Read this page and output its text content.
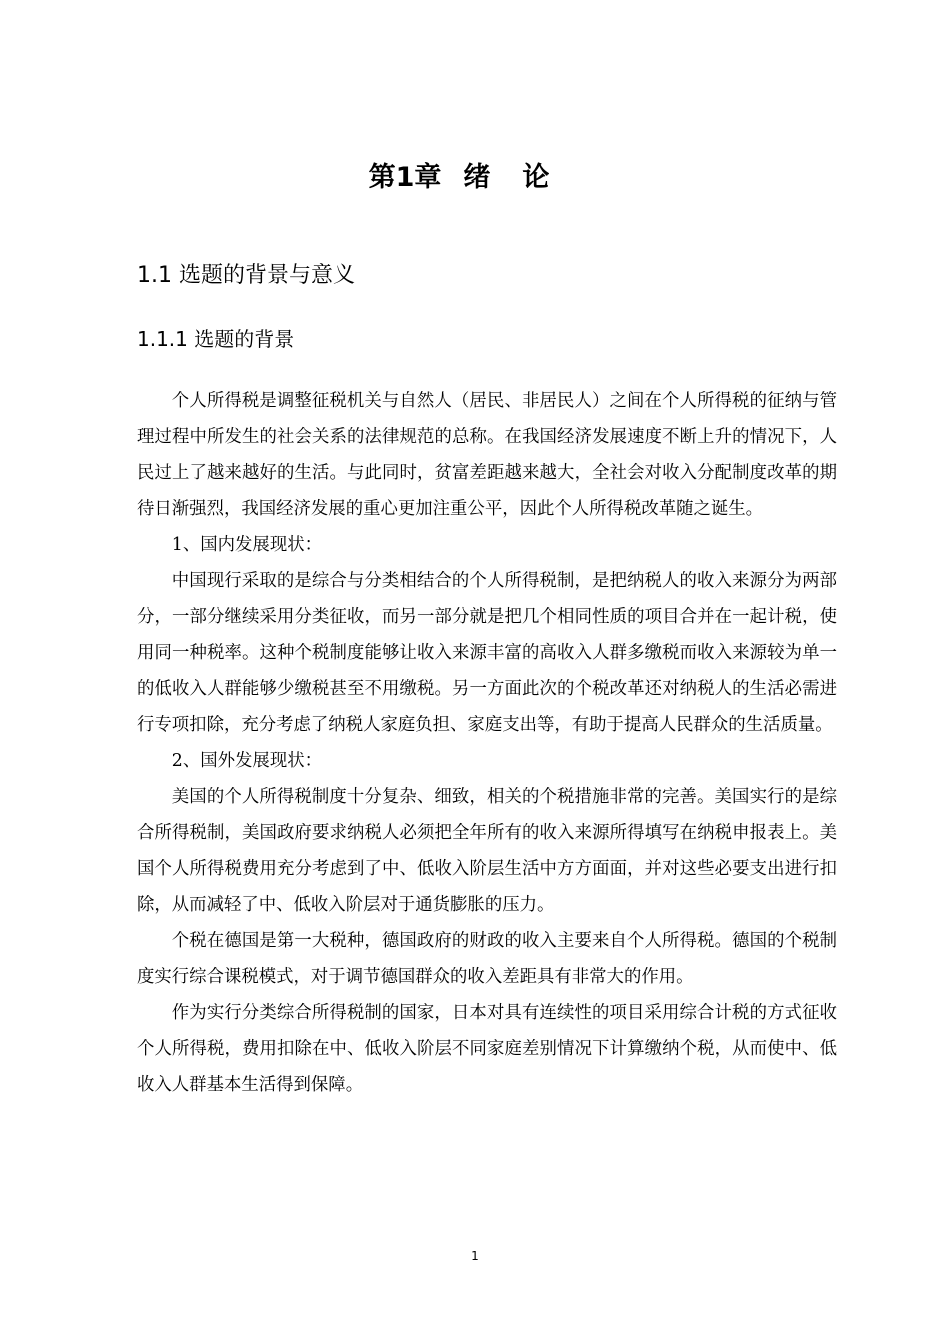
第1章 绪论
1.1 选题的背景与意义
1.1.1 选题的背景

个人所得税是调整征税机关与自然人（居民、非居民人）之间在个人所得税的征纳与管理过程中所发生的社会关系的法律规范的总称。在我国经济发展速度不断上升的情况下，人民过上了越来越好的生活。与此同时，贫富差距越来越大，全社会对收入分配制度改革的期待日渐强烈，我国经济发展的重心更加注重公平，因此个人所得税改革随之诞生。

1、国内发展现状：

中国现行采取的是综合与分类相结合的个人所得税制，是把纳税人的收入来源分为两部分，一部分继续采用分类征收，而另一部分就是把几个相同性质的项目合并在一起计税，使用同一种税率。这种个税制度能够让收入来源丰富的高收入人群多缴税而收入来源较为单一的低收入人群能够少缴税甚至不用缴税。另一方面此次的个税改革还对纳税人的生活必需进行专项扣除，充分考虑了纳税人家庭负担、家庭支出等，有助于提高人民群众的生活质量。

2、国外发展现状：

美国的个人所得税制度十分复杂、细致，相关的个税措施非常的完善。美国实行的是综合所得税制，美国政府要求纳税人必须把全年所有的收入来源所得填写在纳税申报表上。美国个人所得税费用充分考虑到了中、低收入阶层生活中方方面面，并对这些必要支出进行扣除，从而减轻了中、低收入阶层对于通货膨胀的压力。

个税在德国是第一大税种，德国政府的财政的收入主要来自个人所得税。德国的个税制度实行综合课税模式，对于调节德国群众的收入差距具有非常大的作用。

作为实行分类综合所得税制的国家，日本对具有连续性的项目采用综合计税的方式征收个人所得税，费用扣除在中、低收入阶层不同家庭差别情况下计算缴纳个税，从而使中、低收入人群基本生活得到保障。

1
